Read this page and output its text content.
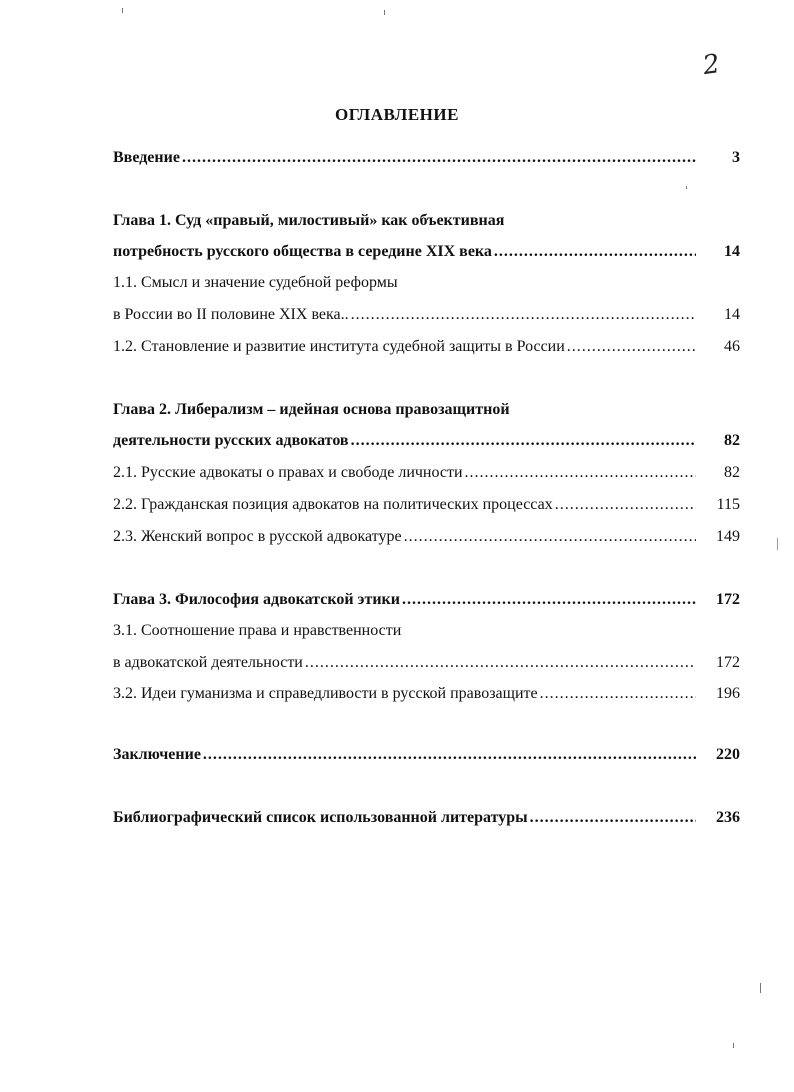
2
ОГЛАВЛЕНИЕ
Введение .....	3
Глава 1. Суд «правый, милостивый» как объективная
потребность русского общества в середине XIX века .....	14
1.1. Смысл и значение судебной реформы
в России во II половине XIX века.. .....	14
1.2. Становление и развитие института судебной защиты в России .....	46
Глава 2. Либерализм – идейная основа правозащитной
деятельности русских адвокатов .....	82
2.1. Русские адвокаты о правах и свободе личности .....	82
2.2. Гражданская позиция адвокатов на политических процессах .....	115
2.3. Женский вопрос в русской адвокатуре .....	149
Глава 3. Философия адвокатской этики .....	172
3.1. Соотношение права и нравственности
в адвокатской деятельности .....	172
3.2. Идеи гуманизма и справедливости в русской правозащите .....	196
Заключение .....	220
Библиографический список использованной литературы .....	236
